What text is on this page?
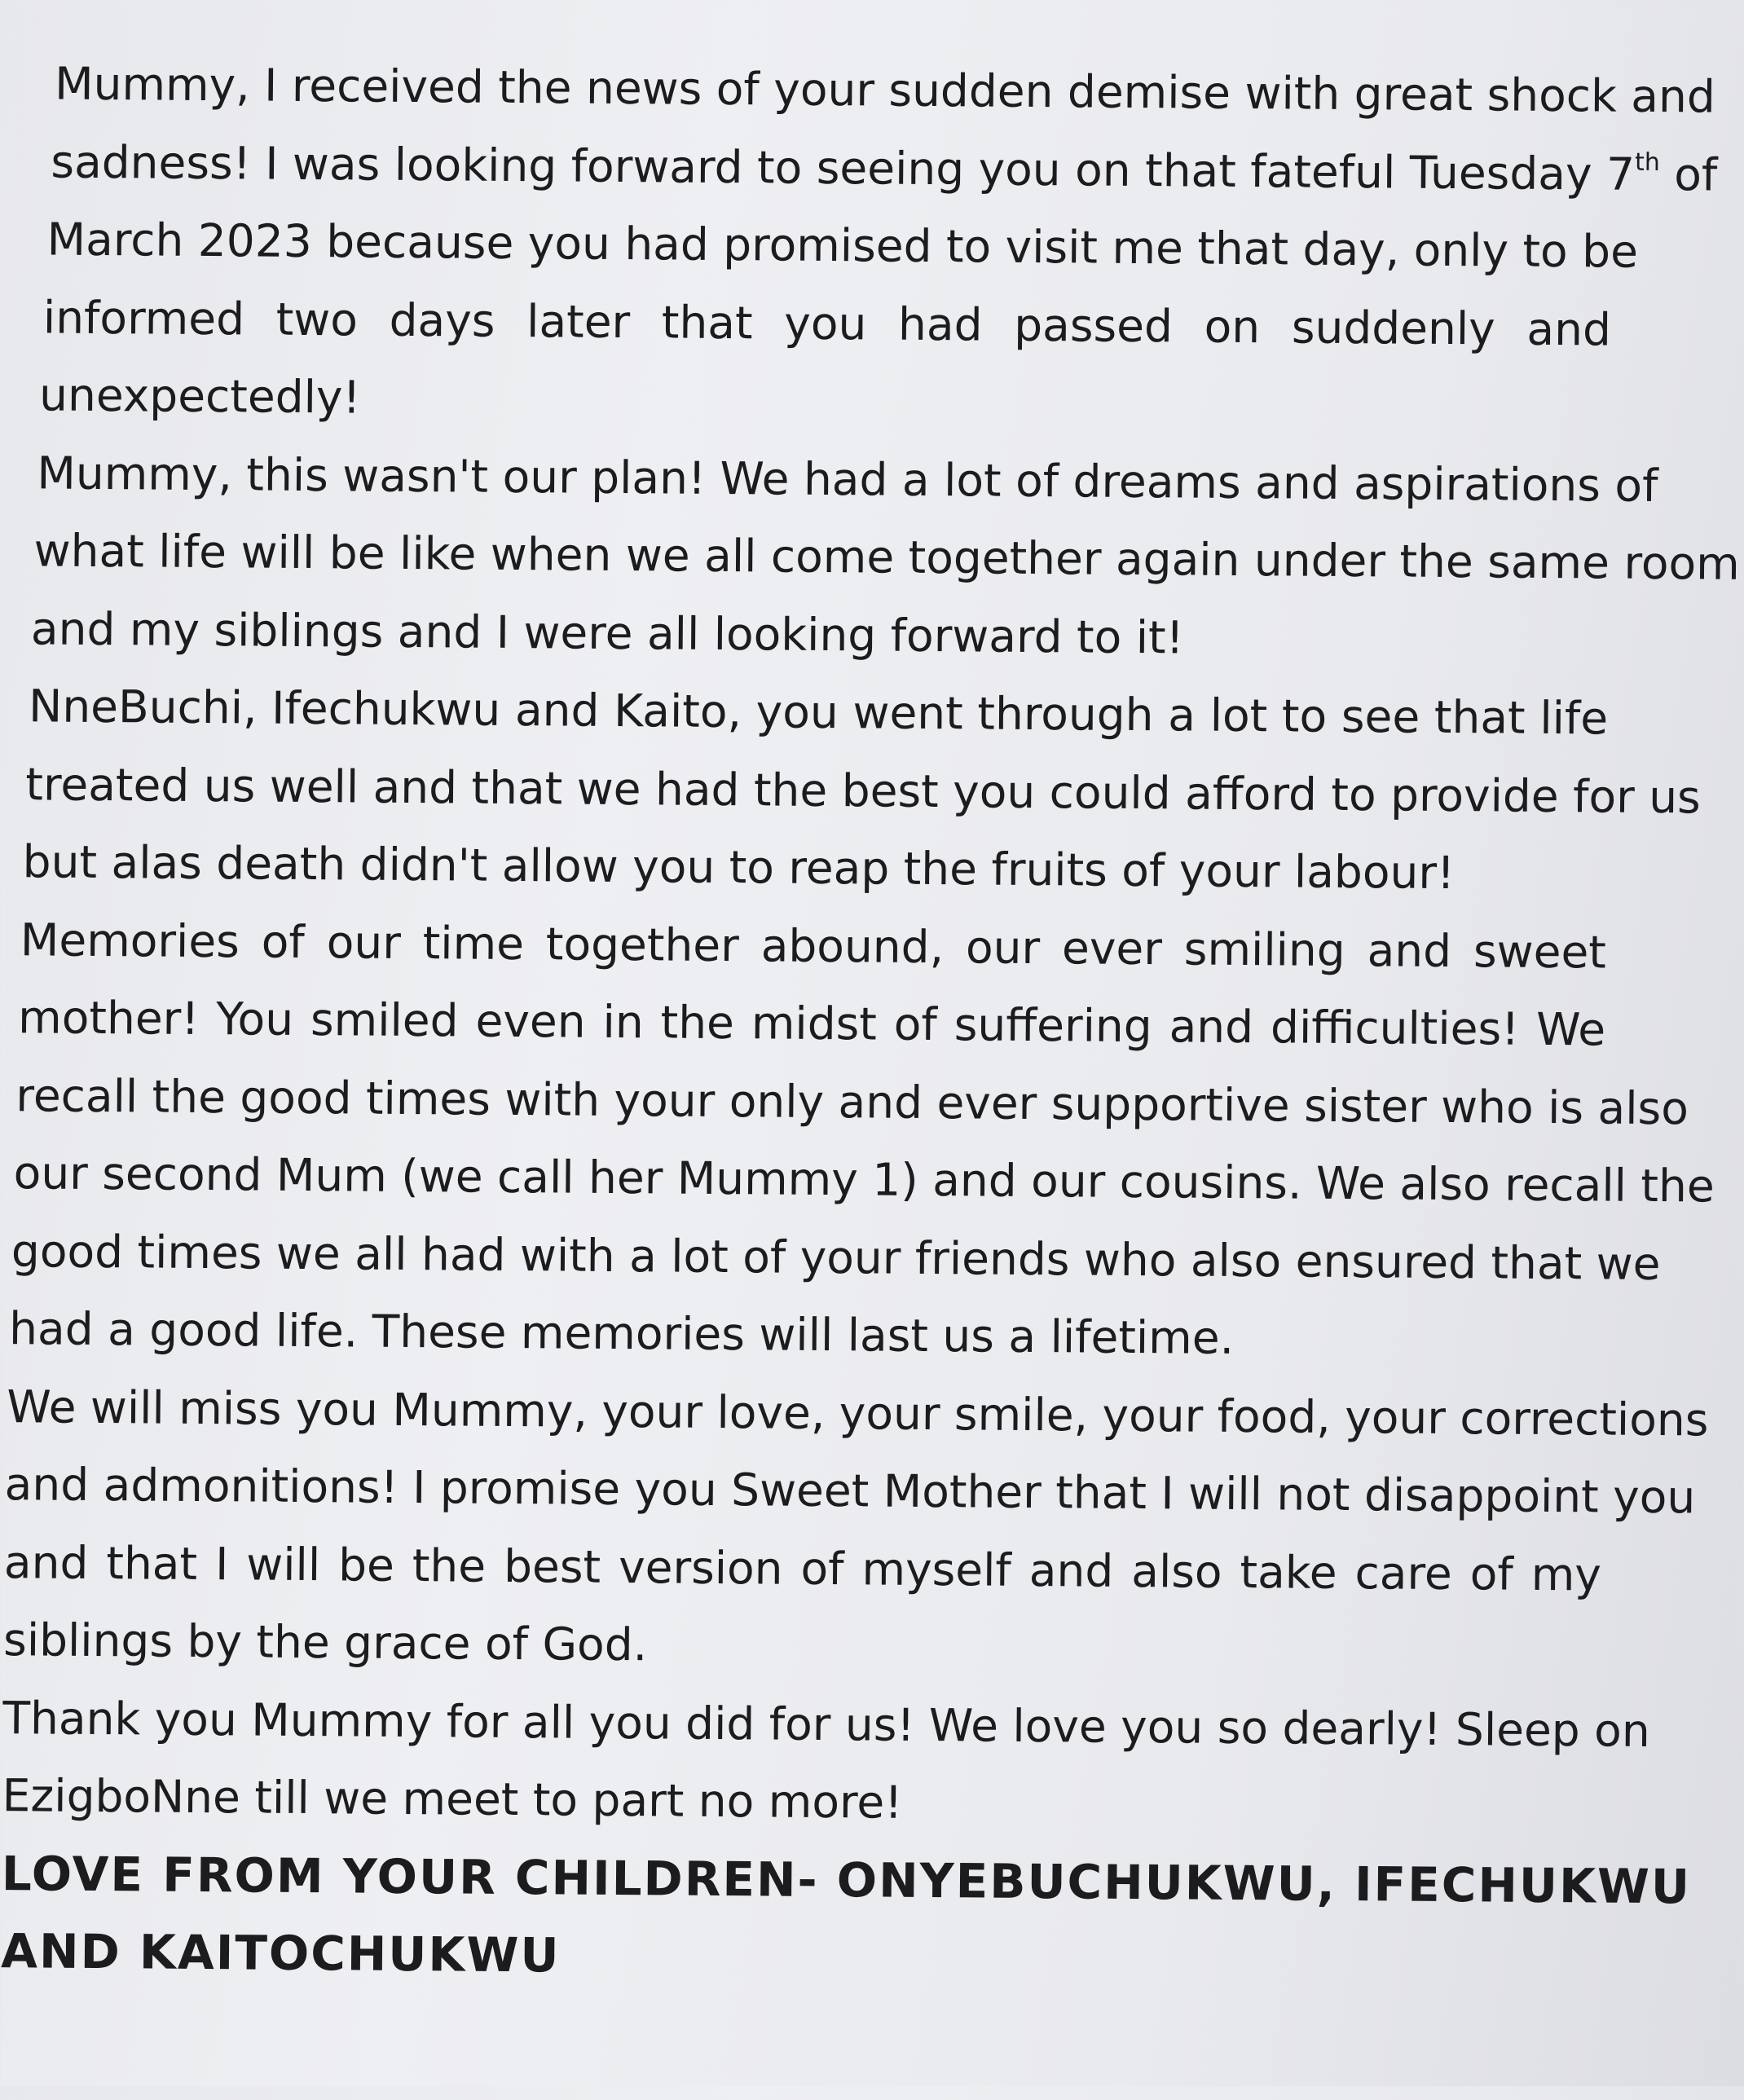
Mummy, I received the news of your sudden demise with great shock and
sadness! I was looking forward to seeing you on that fateful Tuesday 7th of
March 2023 because you had promised to visit me that day, only to be
informed two days later that you had passed on suddenly and
unexpectedly!
Mummy, this wasn't our plan! We had a lot of dreams and aspirations of
what life will be like when we all come together again under the same room
and my siblings and I were all looking forward to it!
NneBuchi, Ifechukwu and Kaito, you went through a lot to see that life
treated us well and that we had the best you could afford to provide for us
but alas death didn't allow you to reap the fruits of your labour!
Memories of our time together abound, our ever smiling and sweet
mother! You smiled even in the midst of suffering and difficulties! We
recall the good times with your only and ever supportive sister who is also
our second Mum (we call her Mummy 1) and our cousins. We also recall the
good times we all had with a lot of your friends who also ensured that we
had a good life. These memories will last us a lifetime.
We will miss you Mummy, your love, your smile, your food, your corrections
and admonitions! I promise you Sweet Mother that I will not disappoint you
and that I will be the best version of myself and also take care of my
siblings by the grace of God.
Thank you Mummy for all you did for us! We love you so dearly! Sleep on
EzigboNne till we meet to part no more!
LOVE FROM YOUR CHILDREN- ONYEBUCHUKWU, IFECHUKWU
AND KAITOCHUKWU
